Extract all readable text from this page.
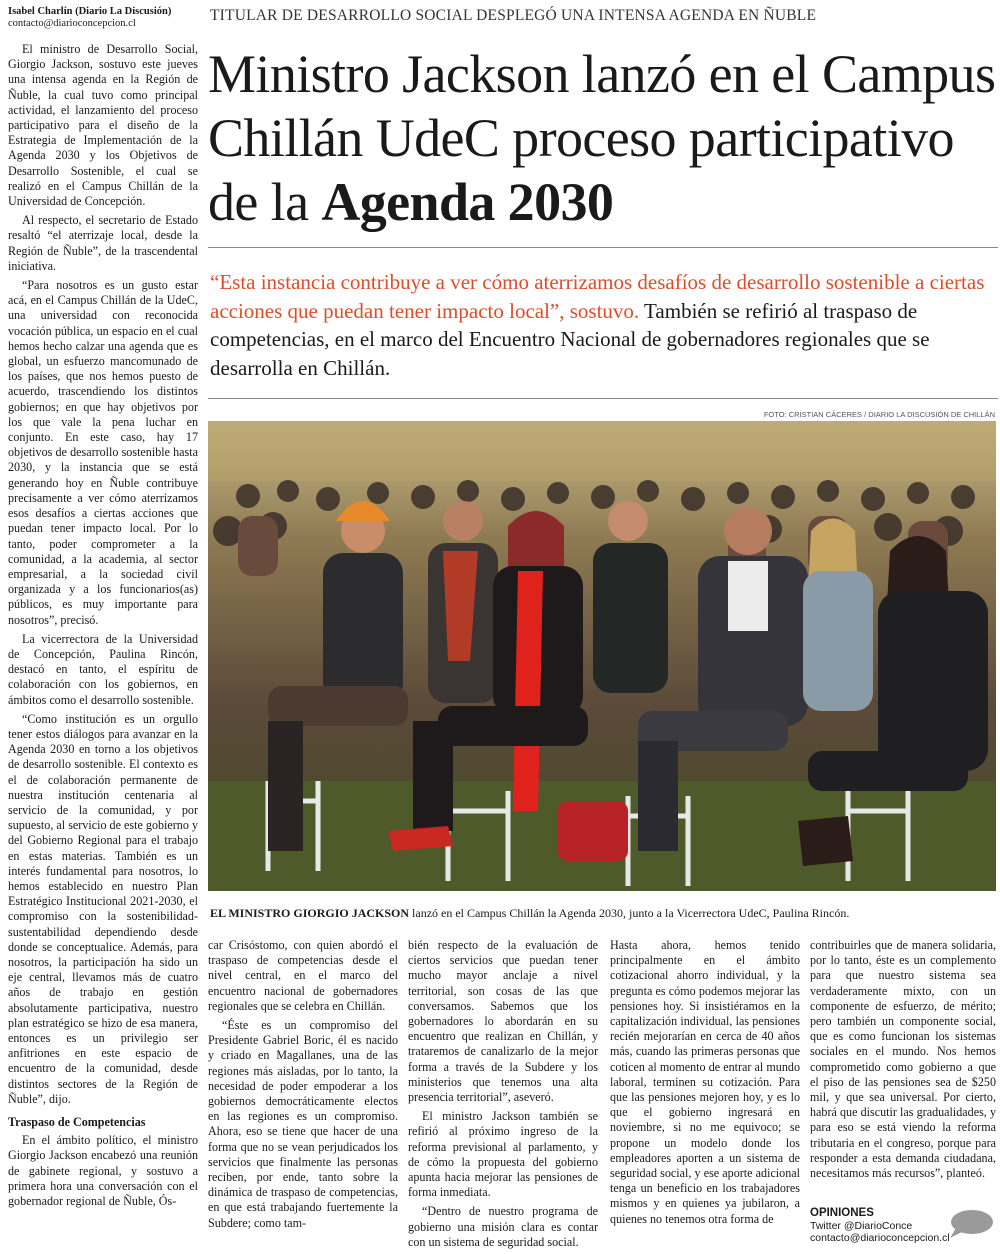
Isabel Charlín (Diario La Discusión)
contacto@diarioconcepcion.cl	TITULAR DE DESARROLLO SOCIAL DESPLEGÓ UNA INTENSA AGENDA EN ÑUBLE
Ministro Jackson lanzó en el Campus Chillán UdeC proceso participativo de la Agenda 2030
“Esta instancia contribuye a ver cómo aterrizamos desafíos de desarrollo sostenible a ciertas acciones que puedan tener impacto local”, sostuvo. También se refirió al traspaso de competencias, en el marco del Encuentro Nacional de gobernadores regionales que se desarrolla en Chillán.
FOTO: CRISTIAN CÁCERES / DIARIO LA DISCUSIÓN DE CHILLÁN
EL MINISTRO GIORGIO JACKSON lanzó en el Campus Chillán la Agenda 2030, junto a la Vicerrectora UdeC, Paulina Rincón.

El ministro de Desarrollo Social, Giorgio Jackson, sostuvo este jueves una intensa agenda en la Región de Ñuble, la cual tuvo como principal actividad, el lanzamiento del proceso participativo para el diseño de la Estrategia de Implementación de la Agenda 2030 y los Objetivos de Desarrollo Sostenible, el cual se realizó en el Campus Chillán de la Universidad de Concepción.

Al respecto, el secretario de Estado resaltó “el aterrizaje local, desde la Región de Ñuble”, de la trascendental iniciativa.

“Para nosotros es un gusto estar acá, en el Campus Chillán de la UdeC, una universidad con reconocida vocación pública, un espacio en el cual hemos hecho calzar una agenda que es global, un esfuerzo mancomunado de los países, que nos hemos puesto de acuerdo, trascendiendo los distintos gobiernos; en que hay objetivos por los que vale la pena luchar en conjunto. En este caso, hay 17 objetivos de desarrollo sostenible hasta 2030, y la instancia que se está generando hoy en Ñuble contribuye precisamente a ver cómo aterrizamos esos desafíos a ciertas acciones que puedan tener impacto local. Por lo tanto, poder comprometer a la comunidad, a la academia, al sector empresarial, a la sociedad civil organizada y a los funcionarios(as) públicos, es muy importante para nosotros”, precisó.

La vicerrectora de la Universidad de Concepción, Paulina Rincón, destacó en tanto, el espíritu de colaboración con los gobiernos, en ámbitos como el desarrollo sostenible.

“Como institución es un orgullo tener estos diálogos para avanzar en la Agenda 2030 en torno a los objetivos de desarrollo sostenible. El contexto es el de colaboración permanente de nuestra institución centenaria al servicio de la comunidad, y por supuesto, al servicio de este gobierno y del Gobierno Regional para el trabajo en estas materias. También es un interés fundamental para nosotros, lo hemos establecido en nuestro Plan Estratégico Institucional 2021-2030, el compromiso con la sostenibilidad-sustentabilidad dependiendo desde donde se conceptualice. Además, para nosotros, la participación ha sido un eje central, llevamos más de cuatro años de trabajo en gestión absolutamente participativa, nuestro plan estratégico se hizo de esa manera, entonces es un privilegio ser anfitriones en este espacio de encuentro de la comunidad, desde distintos sectores de la Región de Ñuble”, dijo.

Traspaso de Competencias

En el ámbito político, el ministro Giorgio Jackson encabezó una reunión de gabinete regional, y sostuvo a primera hora una conversación con el gobernador regional de Ñuble, Ós-

car Crisóstomo, con quien abordó el traspaso de competencias desde el nivel central, en el marco del encuentro nacional de gobernadores regionales que se celebra en Chillán.

“Éste es un compromiso del Presidente Gabriel Boric, él es nacido y criado en Magallanes, una de las regiones más aisladas, por lo tanto, la necesidad de poder empoderar a los gobiernos democráticamente electos en las regiones es un compromiso. Ahora, eso se tiene que hacer de una forma que no se vean perjudicados los servicios que finalmente las personas reciben, por ende, tanto sobre la dinámica de traspaso de competencias, en que está trabajando fuertemente la Subdere; como tam-

bién respecto de la evaluación de ciertos servicios que puedan tener mucho mayor anclaje a nivel territorial, son cosas de las que conversamos. Sabemos que los gobernadores lo abordarán en su encuentro que realizan en Chillán, y trataremos de canalizarlo de la mejor forma a través de la Subdere y los ministerios que tenemos una alta presencia territorial”, aseveró.

El ministro Jackson también se refirió al próximo ingreso de la reforma previsional al parlamento, y de cómo la propuesta del gobierno apunta hacia mejorar las pensiones de forma inmediata.

“Dentro de nuestro programa de gobierno una misión clara es contar con un sistema de seguridad social.

Hasta ahora, hemos tenido principalmente en el ámbito cotizacional ahorro individual, y la pregunta es cómo podemos mejorar las pensiones hoy. Si insistiéramos en la capitalización individual, las pensiones recién mejorarían en cerca de 40 años más, cuando las primeras personas que coticen al momento de entrar al mundo laboral, terminen su cotización. Para que las pensiones mejoren hoy, y es lo que el gobierno ingresará en noviembre, si no me equivoco; se propone un modelo donde los empleadores aporten a un sistema de seguridad social, y ese aporte adicional tenga un beneficio en los trabajadores mismos y en quienes ya jubilaron, a quienes no tenemos otra forma de

contribuirles que de manera solidaria, por lo tanto, éste es un complemento para que nuestro sistema sea verdaderamente mixto, con un componente de esfuerzo, de mérito; pero también un componente social, que es como funcionan los sistemas sociales en el mundo. Nos hemos comprometido como gobierno a que el piso de las pensiones sea de $250 mil, y que sea universal. Por cierto, habrá que discutir las gradualidades, y para eso se está viendo la reforma tributaria en el congreso, porque para responder a esta demanda ciudadana, necesitamos más recursos”, planteó.

OPINIONES
Twitter @DiarioConce
contacto@diarioconcepcion.cl
